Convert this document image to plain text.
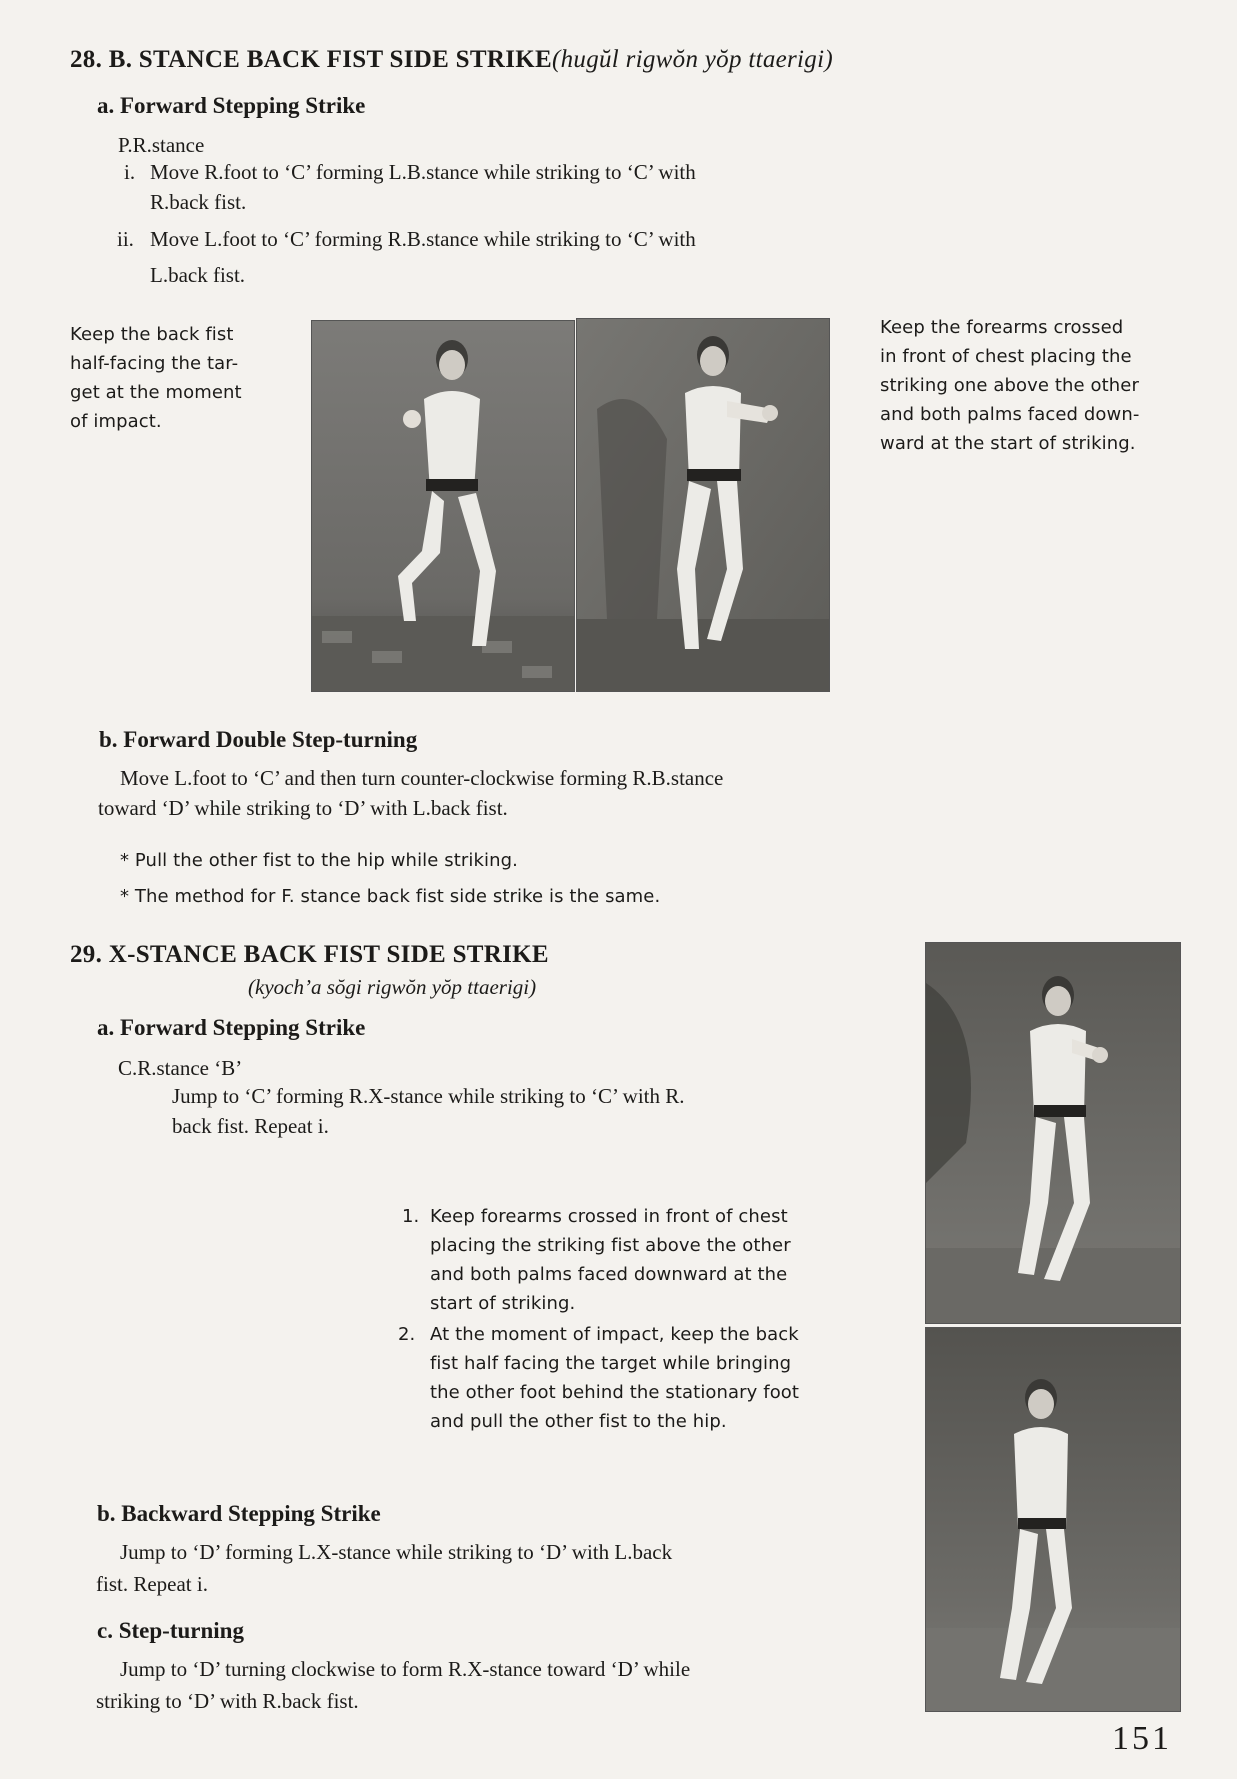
28. B. STANCE BACK FIST SIDE STRIKE(hugŭl rigwŏn yŏp ttaerigi)
a. Forward Stepping Strike
P.R.stance
i. Move R.foot to ‘C’ forming L.B.stance while striking to ‘C’ with
R.back fist.
ii. Move L.foot to ‘C’ forming R.B.stance while striking to ‘C’ with
L.back fist.
Keep the back fist
half-facing the tar-
get at the moment
of impact.
Keep the forearms crossed
in front of chest placing the
striking one above the other
and both palms faced down-
ward at the start of striking.
b. Forward Double Step-turning
Move L.foot to ‘C’ and then turn counter-clockwise forming R.B.stance
toward ‘D’ while striking to ‘D’ with L.back fist.
* Pull the other fist to the hip while striking.
* The method for F. stance back fist side strike is the same.
29. X-STANCE BACK FIST SIDE STRIKE
(kyoch’a sŏgi rigwŏn yŏp ttaerigi)
a. Forward Stepping Strike
C.R.stance ‘B’
Jump to ‘C’ forming R.X-stance while striking to ‘C’ with R.
back fist. Repeat i.
1. Keep forearms crossed in front of chest
placing the striking fist above the other
and both palms faced downward at the
start of striking.
2. At the moment of impact, keep the back
fist half facing the target while bringing
the other foot behind the stationary foot
and pull the other fist to the hip.
b. Backward Stepping Strike
Jump to ‘D’ forming L.X-stance while striking to ‘D’ with L.back
fist. Repeat i.
c. Step-turning
Jump to ‘D’ turning clockwise to form R.X-stance toward ‘D’ while
striking to ‘D’ with R.back fist.
151
